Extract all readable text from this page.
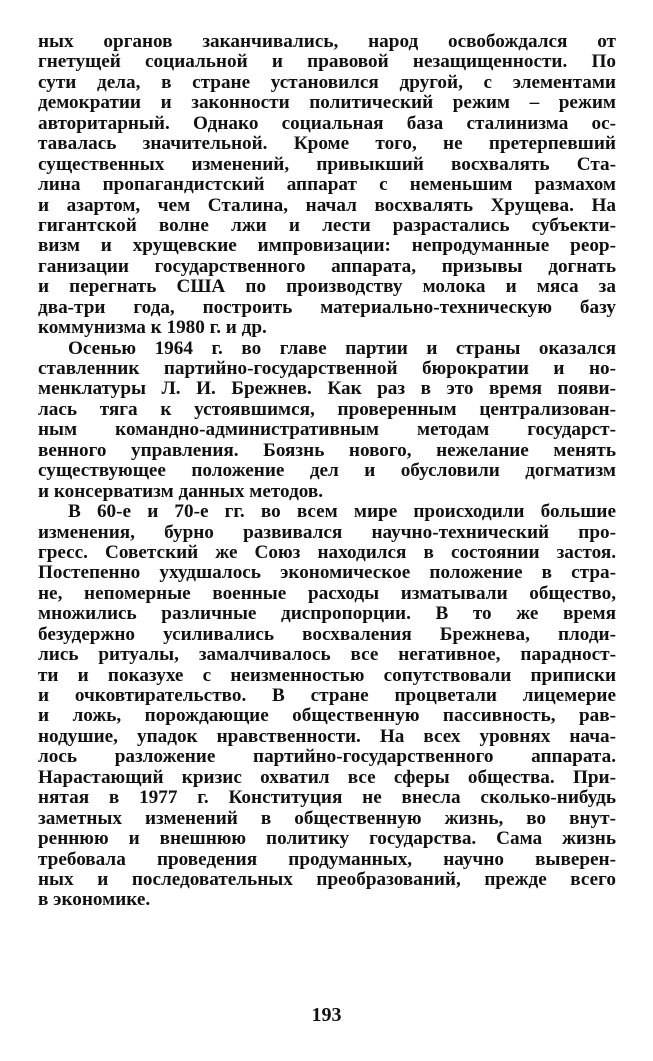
ных органов заканчивались, народ освобождался от
гнетущей социальной и правовой незащищенности. По
сути дела, в стране установился другой, с элементами
демократии и законности политический режим – режим
авторитарный. Однако социальная база сталинизма ос-
тавалась значительной. Кроме того, не претерпевший
существенных изменений, привыкший восхвалять Ста-
лина пропагандистский аппарат с неменьшим размахом
и азартом, чем Сталина, начал восхвалять Хрущева. На
гигантской волне лжи и лести разрастались субъекти-
визм и хрущевские импровизации: непродуманные реор-
ганизации государственного аппарата, призывы догнать
и перегнать США по производству молока и мяса за
два-три года, построить материально-техническую базу
коммунизма к 1980 г. и др.
Осенью 1964 г. во главе партии и страны оказался
ставленник партийно-государственной бюрократии и но-
менклатуры Л. И. Брежнев. Как раз в это время появи-
лась тяга к устоявшимся, проверенным централизован-
ным командно-административным методам государст-
венного управления. Боязнь нового, нежелание менять
существующее положение дел и обусловили догматизм
и консерватизм данных методов.
В 60-е и 70-е гг. во всем мире происходили большие
изменения, бурно развивался научно-технический про-
гресс. Советский же Союз находился в состоянии застоя.
Постепенно ухудшалось экономическое положение в стра-
не, непомерные военные расходы изматывали общество,
множились различные диспропорции. В то же время
безудержно усиливались восхваления Брежнева, плоди-
лись ритуалы, замалчивалось все негативное, парадност-
ти и показухе с неизменностью сопутствовали приписки
и очковтирательство. В стране процветали лицемерие
и ложь, порождающие общественную пассивность, рав-
нодушие, упадок нравственности. На всех уровнях нача-
лось разложение партийно-государственного аппарата.
Нарастающий кризис охватил все сферы общества. При-
нятая в 1977 г. Конституция не внесла сколько-нибудь
заметных изменений в общественную жизнь, во внут-
реннюю и внешнюю политику государства. Сама жизнь
требовала проведения продуманных, научно выверен-
ных и последовательных преобразований, прежде всего
в экономике.
193
